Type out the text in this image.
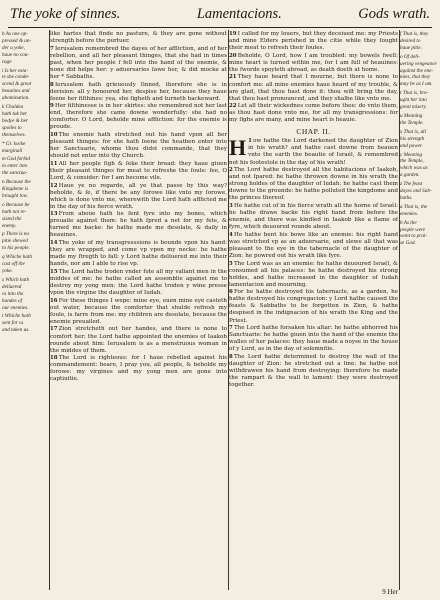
The yoke of sinnes.	Lamentacions.	Gods wrath.
h As one op-
pressed & un-
der a yoke,
haue no cou-
rage
i Is her esta-
te she conde-
scend & great
heauines and
abomination.
k Chaldea
hath tak her
bodye & her
spoiles to
themselves.
* Gr. kocke
marginall
m God forbid
to enter into
the sanctua-
n Because the
Kingdome is
brought low.
o Because he
hath not re-
sisted the
enemy.
p There is no
pitie shewed
to his people.
q Whiche hath
cast off the
yoke.
s Which hath
deliuered
vs into the
handes of
our enemies.
t Whiche hath
sent for vs
and taken us.

like hartes that finde no pasture, & they are gone without strength before the purtuer.

7Ierusalem remembred the dayes of her affliction, and of her rebellion, and all her pleasant thinges, that she had in times past, when her people ſ fell into the hand of the enemie, & none did helpe her: y aduersaries ſawe her, & did mocke at her * Sabbaths.

8Ierusalem hath grieuously ſinned, therefore she is in derision: all y honoured her, despise her, because they haue ſeene her filthines: yea, she ſigheth and turneth backeward.

9Her filthinesse is in her skirtes: she remembred not her last end, therefore she came downe wonderfully: she had no comforter. O Lord, beholde mine affliction: for the enemie is proude.

10The enemie hath stretched out his hand vpon all her pleasant thinges: for she hath ſeene the heathen enter into her Sanctuarie, whome thou didst commande, that they should not enter into thy Church.

11All her people ſigh & ſeke their bread: they haue giuen their pleasant thinges for meat to refreshe the ſoule: ſee, O Lord, & consider: for I am become vile.

12Haue ye no regarde, all ye that passe by this way? beholde, & ſe, if there be any ſorowe like vnto my ſorowe, which is done vnto me, wherewith the Lord hath afflicted me in the day of his fierce wrath.

13From aboue hath he ſent fyre into my bones, which preuaile against them: he hath ſpred a net for my fete, & turned me backe: he hathe made me desolate, & daily in heauines.

14The yoke of my transgresssions is bounde vpon his hand: they are wrapped, and come vp vpon my necke: he hathe made my ſtregth to fall: y Lord hathe deliuered me into their hands, nor am I able to rise vp.

15The Lord hathe troden vnder fote all my valiant men in the middes of me: he hathe called an assemblie against me to destroy my yong men: the Lord hathe troden y wine presse vpon the virgine the daughter of Iudah.

16For these thinges I wepe: mine eye, euen mine eye casteth out water, because the comforter that shulde refresh my ſoule, is farre from me: my children are desolate, because the enemie preuailed.

17Zion stretcheth out her handes, and there is none to comfort her: the Lord hathe appointed the enemies of Iaakob rounde about him: Ierusalem is as a menstruous woman in the middes of them.

18The Lord is righteous: for I haue rebelled against his commandement: heare, I pray you, all people, & beholde my ſorowe: my virgines and my yong men are gone into captiuitie.

19I called for my louers, but they deceiued me: my Priests and mine Elders perished in the citie while they ſought their meat to refresh their ſoules.

20Beholde, O Lord, how I am troubled: my bowels ſwell: mine heart is turned within me, for I am full of heauines: the ſworde spoyleth abroad, as death doeth at home.

21They haue heard that I mourne, but there is none to comfort me: all mine enemies haue heard of my trouble, & are glad, that thou hast done it: thou wilt bring the day, that thou hast pronounced, and they shalbe like vnto me.

22Let all their wickednes come before thee: do vnto them, as thou hast done vnto me, for all my transgressions: for my ſighs are many, and mine heart is heauie.

CHAP. II.

H 1ow hathe the Lord darkened the daughter of Zion in his wrath? and hathe cast downe from heauen vnto the earth the beautie of Israél, & remembred not his footestole in the day of his wrath!

2The Lord hathe destroyed all the habitacions of Iaakob, and not ſpared: he hathe throwen downe in his wrath the strong holdes of the daughter of Iudah: he hathe cast them downe to the grounde: he hathe polluted the kingdome and the princes thereof.

3He hathe cut of in his fierce wrath all the horne of Israél: he hathe drawe backe his right hand from before the enemie, and there was kindled in Iaakob like a flame of fyre, which deuoured rounde about.

4He hathe bent his bowe like an enemie: his right hand was stretched vp as an aduersarie, and slewe all that was pleasant to the eye in the tabernacle of the daughter of Zion: he powred out his wrath like fyre.

5The Lord was as an enemie: he hathe deuoured Israél, & consumed all his palaces: he hathe destroyed his strong holdes, and hathe increased in the daughter of Iudah lamentacion and mourning.

6For he hathe destroyed his tabernacle, as a garden, he hathe destroyed his congregacion: y Lord hathe caused the feasts & Sabbaths to be forgotten in Zion, & hathe despised in the indignacion of his wrath the King and the Priest.

7The Lord hathe forsaken his altar: he hathe abhorred his Sanctuarie: he hathe giuen into the hand of the enemie the walles of her palaces: they haue made a noyse in the house of y Lord, as in the day of solemnitie.

8The Lord hathe determined to destroy the wall of the daughter of Zion: he stretched out a line: he hathe not withdrawen his hand from destroying: therefore he made the rampart & the wall to lament: they were destroyed together.

f That is, they
desired to
haue pitie.
o Of deli-
uering vengeance
against the ene-
mies, that they
may be as I am.
t That is, bro-
ught her into
great misery.
u Meaning
the Temple.
x That is, all
his strength
and power.
y Meaning
the Temple,
which was as
a garden.
z The feast
dayes and Sab-
baths.
a That is, the
enemies.
b As the
people were
wont to prai-
se God.
9 Her
